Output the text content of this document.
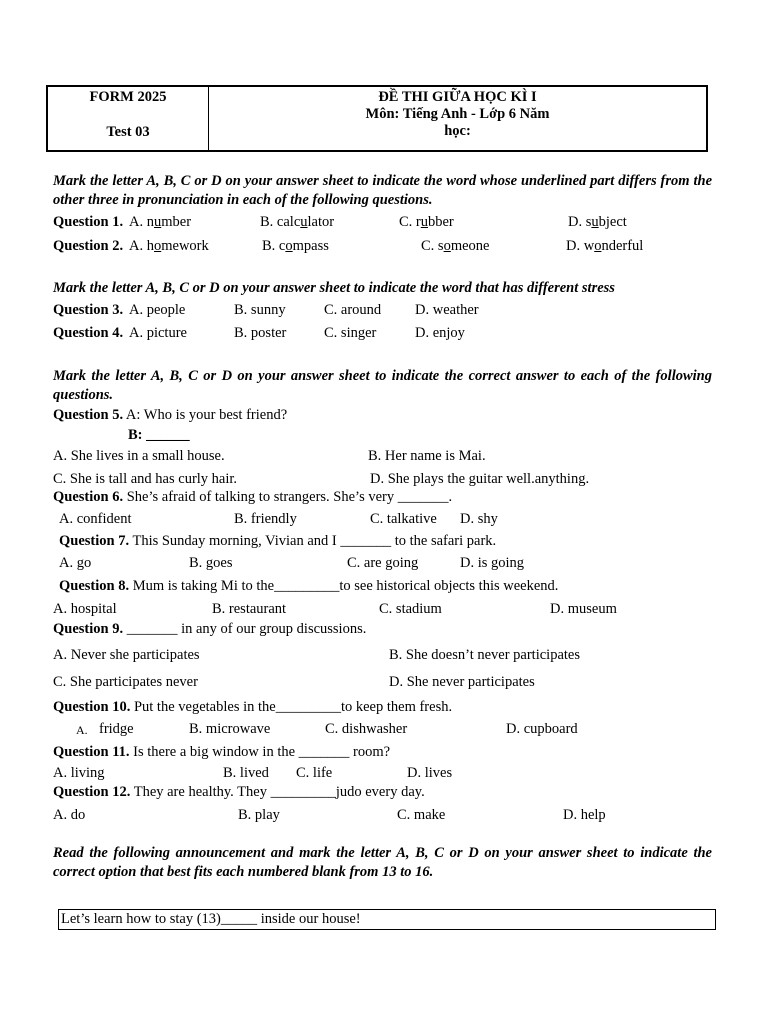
FORM 2025
Test 03
ĐỀ THI GIỮA HỌC KÌ I
Môn: Tiếng Anh - Lớp 6 Năm
học:
Mark the letter A, B, C or D on your answer sheet to indicate the word whose underlined part differs from the other three in pronunciation in each of the following questions.
Question 1. A. number	B. calculator	C. rubber	D. subject
Question 2. A. homework	B. compass	C. someone	D. wonderful
Mark the letter A, B, C or D on your answer sheet to indicate the word that has different stress
Question 3. A. people	B. sunny	C. around D. weather
Question 4. A. picture	B. poster	C. singer	D. enjoy
Mark the letter A, B, C or D on your answer sheet to indicate the correct answer to each of the following questions.
Question 5. A: Who is your best friend?
B: ______
A. She lives in a small house.	B. Her name is Mai.
C. She is tall and has curly hair.	D. She plays the guitar well.anything.
Question 6. She’s afraid of talking to strangers. She’s very _______.
A. confident	B. friendly	C. talkative D. shy
Question 7. This Sunday morning, Vivian and I _______ to the safari park.
A. go	B. goes	C. are going	D. is going
Question 8. Mum is taking Mi to the_________to see historical objects this weekend.
A. hospital	B. restaurant	C. stadium	D. museum
Question 9. _______ in any of our group discussions.
A. Never she participates	B. She doesn’t never participates
C. She participates never	D. She never participates
Question 10. Put the vegetables in the_________to keep them fresh.
A. fridge	B. microwave	C. dishwasher	D. cupboard
Question 11. Is there a big window in the _______ room?
A. living	B. lived C. life	D. lives
Question 12. They are healthy. They _________judo every day.
A. do	B. play	C. make	D. help
Read the following announcement and mark the letter A, B, C or D on your answer sheet to indicate the correct option that best fits each numbered blank from 13 to 16.
Let’s learn how to stay (13)_____ inside our house!
